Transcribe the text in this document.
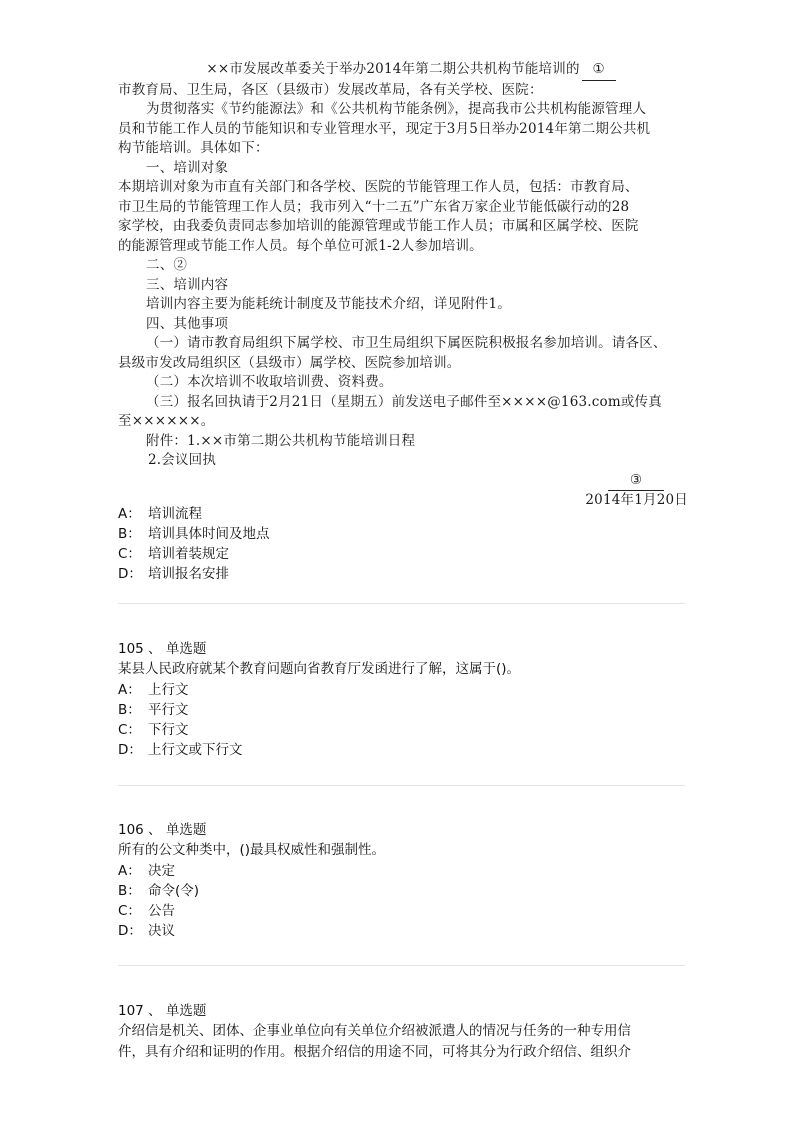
××市发展改革委关于举办2014年第二期公共机构节能培训的 ①

市教育局、卫生局，各区（县级市）发展改革局，各有关学校、医院：

为贯彻落实《节约能源法》和《公共机构节能条例》，提高我市公共机构能源管理人

员和节能工作人员的节能知识和专业管理水平，现定于3月5日举办2014年第二期公共机

构节能培训。具体如下：

一、培训对象

本期培训对象为市直有关部门和各学校、医院的节能管理工作人员，包括：市教育局、

市卫生局的节能管理工作人员；我市列入“十二五”广东省万家企业节能低碳行动的28

家学校，由我委负责同志参加培训的能源管理或节能工作人员；市属和区属学校、医院

的能源管理或节能工作人员。每个单位可派1-2人参加培训。

二、②

三、培训内容

培训内容主要为能耗统计制度及节能技术介绍，详见附件1。

四、其他事项

（一）请市教育局组织下属学校、市卫生局组织下属医院积极报名参加培训。请各区、

县级市发改局组织区（县级市）属学校、医院参加培训。

（二）本次培训不收取培训费、资料费。

（三）报名回执请于2月21日（星期五）前发送电子邮件至××××@163.com或传真

至××××××。

附件：1.××市第二期公共机构节能培训日程

2.会议回执

③

2014年1月20日

A： 培训流程

B： 培训具体时间及地点

C： 培训着装规定

D： 培训报名安排

105 、 单选题

某县人民政府就某个教育问题向省教育厅发函进行了解，这属于()。

A： 上行文

B： 平行文

C： 下行文

D： 上行文或下行文

106 、 单选题

所有的公文种类中，()最具权威性和强制性。

A： 决定

B： 命令(令)

C： 公告

D： 决议

107 、 单选题

介绍信是机关、团体、企事业单位向有关单位介绍被派遣人的情况与任务的一种专用信

件，具有介绍和证明的作用。根据介绍信的用途不同，可将其分为行政介绍信、组织介
